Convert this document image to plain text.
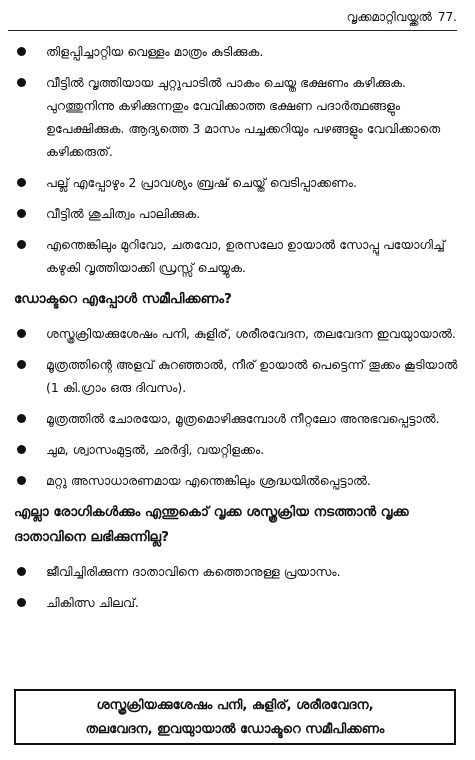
വൃക്കമാറ്റിവയ്ക്കൽ 77.
തിളപ്പിച്ചാറ്റിയ വെള്ളം മാത്രം കുടിക്കുക.
വീട്ടിൽ വൃത്തിയായ ചുറ്റുപാടിൽ പാകം ചെയ്ത ഭക്ഷണം കഴിക്കുക. പുറത്തുനിന്നു കഴിക്കുന്നതും വേവിക്കാത്ത ഭക്ഷണ പദാർത്ഥങ്ങളും ഉപേക്ഷിക്കുക. ആദ്യത്തെ 3 മാസം പച്ചക്കറിയും പഴങ്ങളും വേവിക്കാതെ കഴിക്കരുത്.
പല്ല് എപ്പോഴും 2 പ്രാവശ്യം ബ്രഷ് ചെയ്ത് വെടിപ്പാക്കണം.
വീട്ടിൽ ശുചിത്വം പാലിക്കുക.
എന്തെങ്കിലും മുറിവോ, ചതവോ, ഉരസലോ ഉായാൽ സോപ്പു പയോഗിച്ച് കഴുകി വൃത്തിയാക്കി ഡ്രസ്സ് ചെയ്യുക.
ഡോക്ടറെ എപ്പോൾ സമീപിക്കണം?
ശസ്ത്രക്രിയക്കുശേഷം പനി, കുളിര്, ശരീരവേദന, തലവേദന ഇവയുായാൽ.
മൂത്രത്തിന്റെ അളവ് കുറഞ്ഞാൽ, നീര് ഉായാൽ പെട്ടെന്ന് തൂക്കം കൂടിയാൽ (1 കി.ഗ്രാം ഒരു ദിവസം).
മൂത്രത്തിൽ ചോരയോ, മൂത്രമൊഴിക്കുമ്പോൾ നീറ്റലോ അനുഭവപ്പെട്ടാൽ.
ചുമ, ശ്വാസംമുട്ടൽ, ഛർദ്ദി, വയറ്റിളക്കം.
മറ്റു അസാധാരണമായ എന്തെങ്കിലും ശ്രദ്ധയിൽപ്പെട്ടാൽ.
എല്ലാ രോഗികൾക്കും എന്തുകൊ് വൃക്ക ശസ്ത്രക്രിയ നടത്താൻ വൃക്ക ദാതാവിനെ ലഭിക്കുന്നില്ല?
ജീവിച്ചിരിക്കുന്ന ദാതാവിനെ കത്തൊനുള്ള പ്രയാസം.
ചികിത്സ ചിലവ്.
ശസ്ത്രക്രിയക്കുശേഷം പനി, കുളിര്, ശരീരവേദന,
തലവേദന, ഇവയുായാൽ ഡോക്ടറെ സമീപിക്കണം
